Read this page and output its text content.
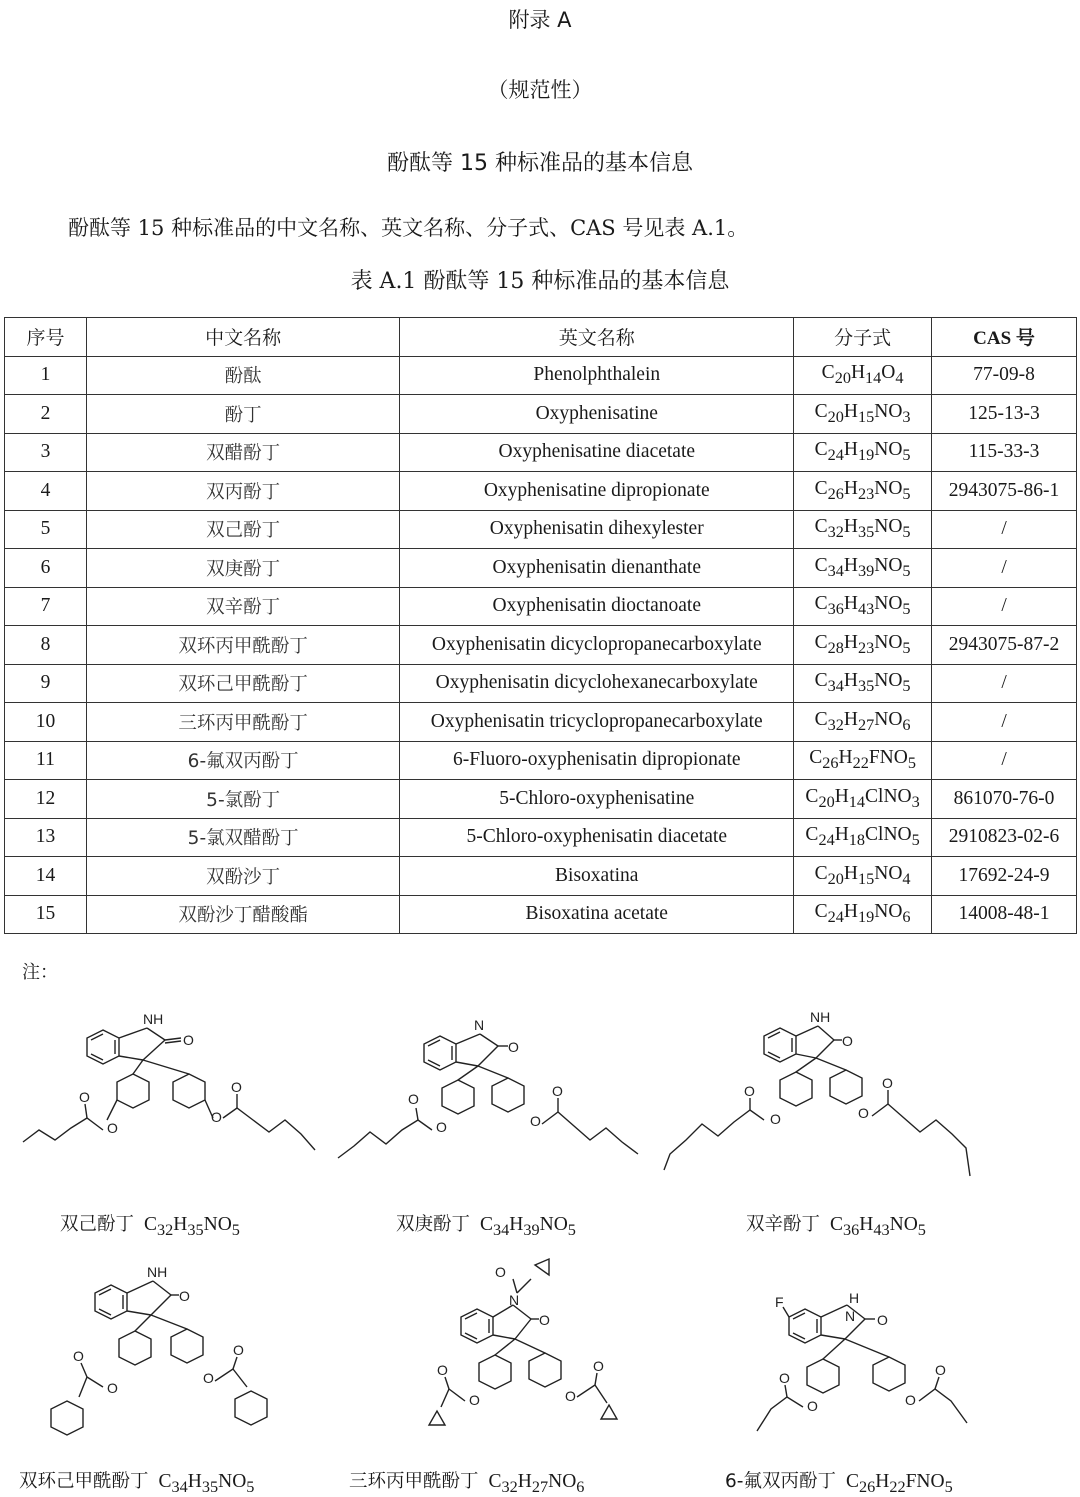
附录 A
（规范性）
酚酞等 15 种标准品的基本信息
酚酞等 15 种标准品的中文名称、英文名称、分子式、CAS 号见表 A.1。
表 A.1 酚酞等 15 种标准品的基本信息
序号	中文名称	英文名称	分子式	CAS 号
1	酚酞	Phenolphthalein	$C_{20}H_{14}O_4$	77-09-8
2	酚丁	Oxyphenisatine	$C_{20}H_{15}NO_3$	125-13-3
3	双醋酚丁	Oxyphenisatine diacetate	$C_{24}H_{19}NO_5$	115-33-3
4	双丙酚丁	Oxyphenisatine dipropionate	$C_{26}H_{23}NO_5$	2943075-86-1
5	双己酚丁	Oxyphenisatin dihexylester	$C_{32}H_{35}NO_5$	/
6	双庚酚丁	Oxyphenisatin dienanthate	$C_{34}H_{39}NO_5$	/
7	双辛酚丁	Oxyphenisatin dioctanoate	$C_{36}H_{43}NO_5$	/
8	双环丙甲酰酚丁	Oxyphenisatin dicyclopropanecarboxylate	$C_{28}H_{23}NO_5$	2943075-87-2
9	双环己甲酰酚丁	Oxyphenisatin dicyclohexanecarboxylate	$C_{34}H_{35}NO_5$	/
10	三环丙甲酰酚丁	Oxyphenisatin tricyclopropanecarboxylate	$C_{32}H_{27}NO_6$	/
11	6-氟双丙酚丁	6-Fluoro-oxyphenisatin dipropionate	$C_{26}H_{22}FNO_5$	/
12	5-氯酚丁	5-Chloro-oxyphenisatine	$C_{20}H_{14}ClNO_3$	861070-76-0
13	5-氯双醋酚丁	5-Chloro-oxyphenisatin diacetate	$C_{24}H_{18}ClNO_5$	2910823-02-6
14	双酚沙丁	Bisoxatina	$C_{20}H_{15}NO_4$	17692-24-9
15	双酚沙丁醋酸酯	Bisoxatina acetate	$C_{24}H_{19}NO_6$	14008-48-1
注：
NH
O
O
O
O
O
双己酚丁 $C_{32}H_{35}NO_5$
N
O
O	O
O	O
双庚酚丁 $C_{34}H_{39}NO_5$
NH
O
O	O
O	O
双辛酚丁 $C_{36}H_{43}NO_5$
NH
O
O
O
O	O
双环己甲酰酚丁 $C_{34}H_{35}NO_5$
N
O
O
O	O
O	O
三环丙甲酰酚丁 $C_{32}H_{27}NO_6$
F	H
N O
O	O
O	O
6-氟双丙酚丁 $C_{26}H_{22}FNO_5$
